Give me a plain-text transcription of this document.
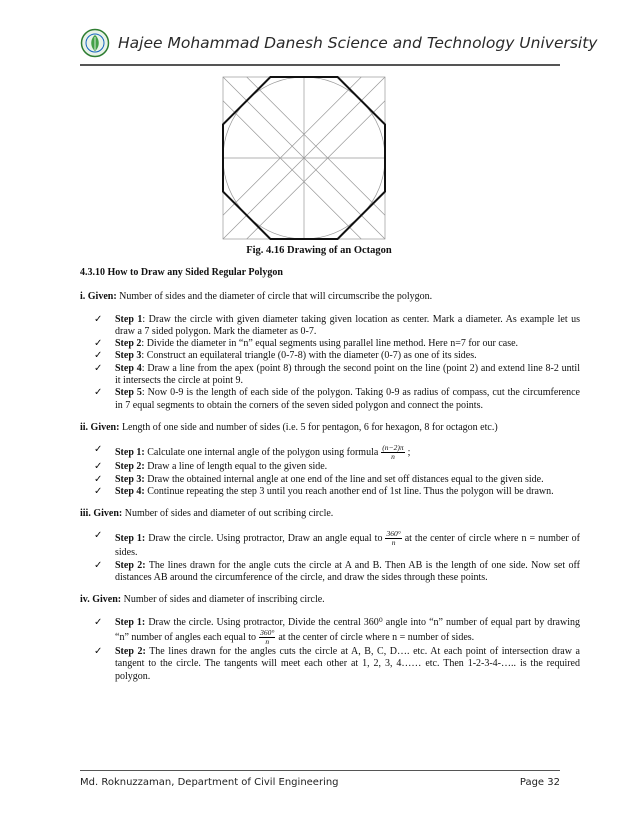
Hajee Mohammad Danesh Science and Technology University
Fig. 4.16 Drawing of an Octagon

4.3.10 How to Draw any Sided Regular Polygon

i. Given: Number of sides and the diameter of circle that will circumscribe the polygon.

✓ Step 1: Draw the circle with given diameter taking given location as center. Mark a diameter. As example let us draw a 7 sided polygon. Mark the diameter as 0-7.
✓ Step 2: Divide the diameter in “n” equal segments using parallel line method. Here n=7 for our case.
✓ Step 3: Construct an equilateral triangle (0-7-8) with the diameter (0-7) as one of its sides.
✓ Step 4: Draw a line from the apex (point 8) through the second point on the line (point 2) and extend line 8-2 until it intersects the circle at point 9.
✓ Step 5: Now 0-9 is the length of each side of the polygon. Taking 0-9 as radius of compass, cut the circumference in 7 equal segments to obtain the corners of the seven sided polygon and connect the points.

ii. Given: Length of one side and number of sides (i.e. 5 for pentagon, 6 for hexagon, 8 for octagon etc.)

✓ Step 1: Calculate one internal angle of the polygon using formula $\frac{(n-2)\pi}{n}$ ;
✓ Step 2: Draw a line of length equal to the given side.
✓ Step 3: Draw the obtained internal angle at one end of the line and set off distances equal to the given side.
✓ Step 4: Continue repeating the step 3 until you reach another end of 1st line. Thus the polygon will be drawn.

iii. Given: Number of sides and diameter of out scribing circle.

✓ Step 1: Draw the circle. Using protractor, Draw an angle equal to $\frac{360^\circ}{n}$ at the center of circle where n = number of sides.
✓ Step 2: The lines drawn for the angle cuts the circle at A and B. Then AB is the length of one side. Now set off distances AB around the circumference of the circle, and draw the sides through these points.

iv. Given: Number of sides and diameter of inscribing circle.

✓ Step 1: Draw the circle. Using protractor, Divide the central 360⁰ angle into “n” number of equal part by drawing “n” number of angles each equal to $\frac{360^\circ}{n}$ at the center of circle where n = number of sides.
✓ Step 2: The lines drawn for the angles cuts the circle at A, B, C, D…. etc. At each point of intersection draw a tangent to the circle. The tangents will meet each other at 1, 2, 3, 4…… etc. Then 1-2-3-4-….. is the required polygon.
Md. Roknuzzaman, Department of Civil Engineering	Page 32
